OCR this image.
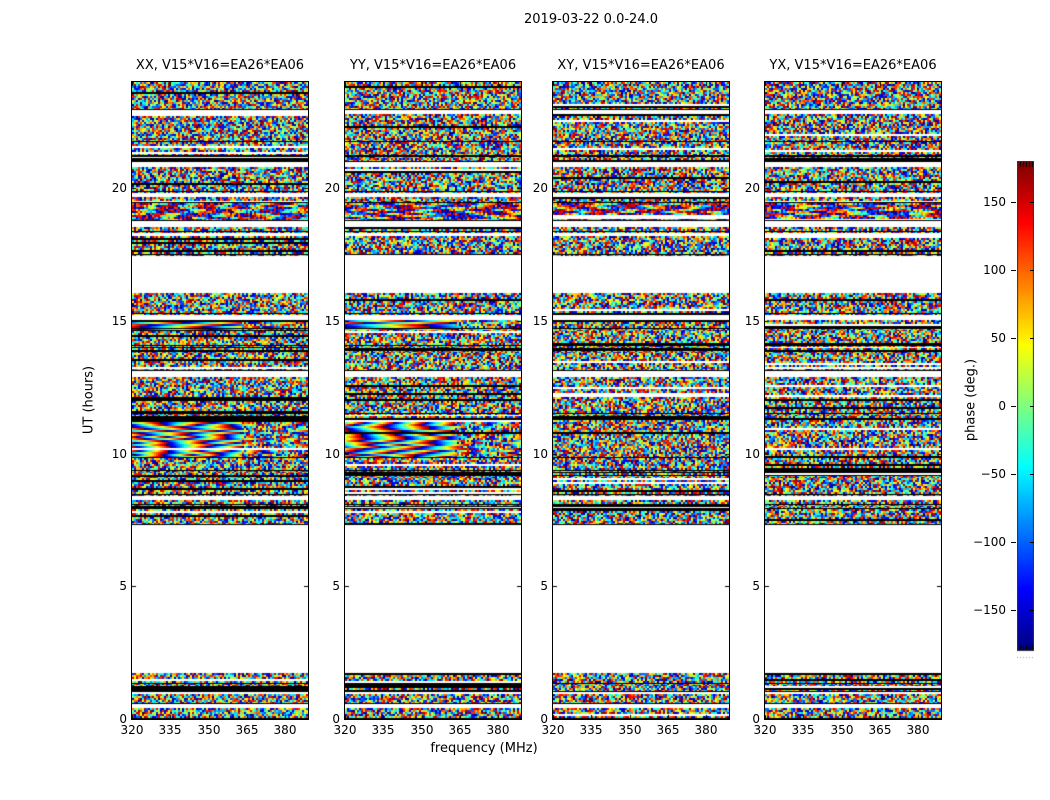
2019-03-22 0.0-24.0
UT (hours)
frequency (MHz)
XX, V15*V16=EA26*EA06	YY, V15*V16=EA26*EA06	XY, V15*V16=EA26*EA06	YX, V15*V16=EA26*EA06
phase (deg.)
0
5
10
15
20
320	335	350	365	380
0
5
10
15
20
320	335	350	365	380
0
5
10
15
20
320	335	350	365	380
0
5
10
15
20
320	335	350	365	380
−150
−100
−50
0
50
100
150
